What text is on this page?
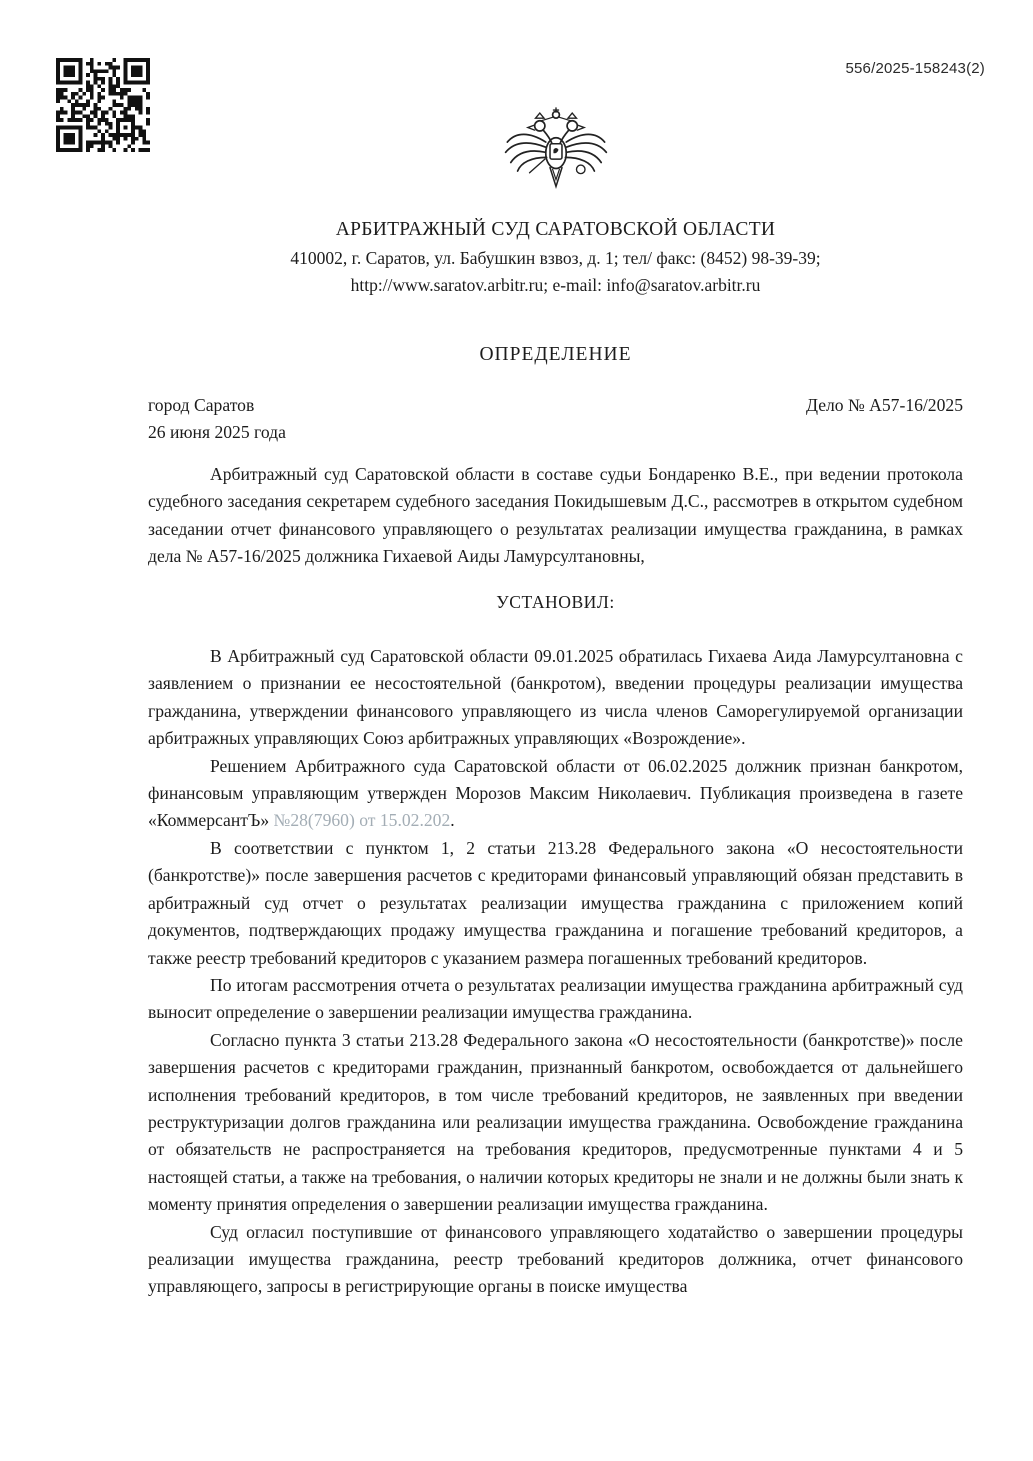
556/2025-158243(2)
АРБИТРАЖНЫЙ СУД САРАТОВСКОЙ ОБЛАСТИ
410002, г. Саратов, ул. Бабушкин взвоз, д. 1; тел/ факс: (8452) 98-39-39;
http://www.saratov.arbitr.ru; e-mail: info@saratov.arbitr.ru
ОПРЕДЕЛЕНИЕ
город Саратов	Дело № А57-16/2025
26 июня 2025 года

Арбитражный суд Саратовской области в составе судьи Бондаренко В.Е., при ведении протокола судебного заседания секретарем судебного заседания Покидышевым Д.С., рассмотрев в открытом судебном заседании отчет финансового управляющего о результатах реализации имущества гражданина, в рамках дела № А57-16/2025 должника Гихаевой Аиды Ламурсултановны,

УСТАНОВИЛ:

В Арбитражный суд Саратовской области 09.01.2025 обратилась Гихаева Аида Ламурсултановна с заявлением о признании ее несостоятельной (банкротом), введении процедуры реализации имущества гражданина, утверждении финансового управляющего из числа членов Саморегулируемой организации арбитражных управляющих Союз арбитражных управляющих «Возрождение».

Решением Арбитражного суда Саратовской области от 06.02.2025 должник признан банкротом, финансовым управляющим утвержден Морозов Максим Николаевич. Публикация произведена в газете «КоммерсантЪ» №28(7960) от 15.02.202.

В соответствии с пунктом 1, 2 статьи 213.28 Федерального закона «О несостоятельности (банкротстве)» после завершения расчетов с кредиторами финансовый управляющий обязан представить в арбитражный суд отчет о результатах реализации имущества гражданина с приложением копий документов, подтверждающих продажу имущества гражданина и погашение требований кредиторов, а также реестр требований кредиторов с указанием размера погашенных требований кредиторов.

По итогам рассмотрения отчета о результатах реализации имущества гражданина арбитражный суд выносит определение о завершении реализации имущества гражданина.

Согласно пункта 3 статьи 213.28 Федерального закона «О несостоятельности (банкротстве)» после завершения расчетов с кредиторами гражданин, признанный банкротом, освобождается от дальнейшего исполнения требований кредиторов, в том числе требований кредиторов, не заявленных при введении реструктуризации долгов гражданина или реализации имущества гражданина. Освобождение гражданина от обязательств не распространяется на требования кредиторов, предусмотренные пунктами 4 и 5 настоящей статьи, а также на требования, о наличии которых кредиторы не знали и не должны были знать к моменту принятия определения о завершении реализации имущества гражданина.

Суд огласил поступившие от финансового управляющего ходатайство о завершении процедуры реализации имущества гражданина, реестр требований кредиторов должника, отчет финансового управляющего, запросы в регистрирующие органы в поиске имущества
